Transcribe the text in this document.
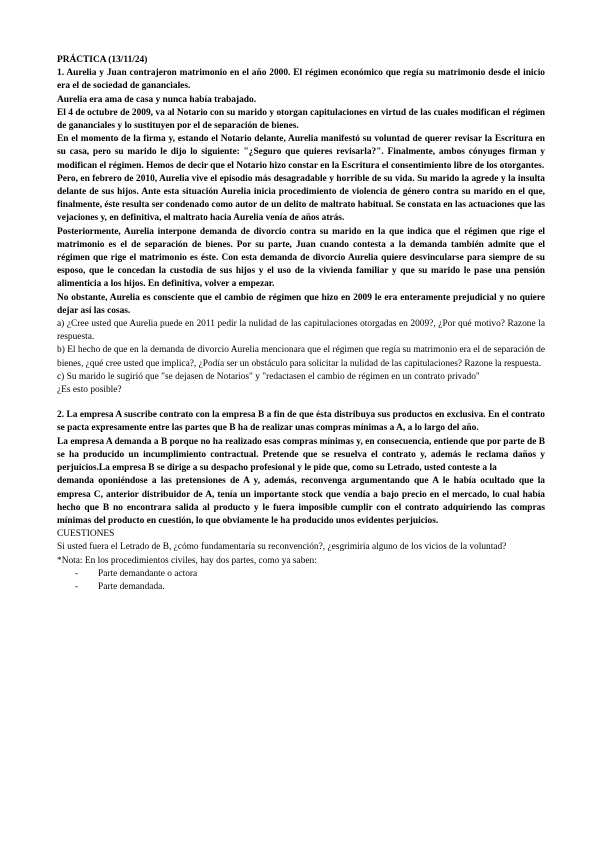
PRÁCTICA (13/11/24)

1. Aurelia y Juan contrajeron matrimonio en el año 2000. El régimen económico que regía su matrimonio desde el inicio era el de sociedad de gananciales.

Aurelia era ama de casa y nunca había trabajado.

El 4 de octubre de 2009, va al Notario con su marido y otorgan capitulaciones en virtud de las cuales modifican el régimen de gananciales y lo sustituyen por el de separación de bienes.

En el momento de la firma y, estando el Notario delante, Aurelia manifestó su voluntad de querer revisar la Escritura en su casa, pero su marido le dijo lo siguiente: "¿Seguro que quieres revisarla?". Finalmente, ambos cónyuges firman y modifican el régimen. Hemos de decir que el Notario hizo constar en la Escritura el consentimiento libre de los otorgantes.

Pero, en febrero de 2010, Aurelia vive el episodio más desagradable y horrible de su vida. Su marido la agrede y la insulta delante de sus hijos. Ante esta situación Aurelia inicia procedimiento de violencia de género contra su marido en el que, finalmente, éste resulta ser condenado como autor de un delito de maltrato habitual. Se constata en las actuaciones que las vejaciones y, en definitiva, el maltrato hacia Aurelia venía de años atrás.

Posteriormente, Aurelia interpone demanda de divorcio contra su marido en la que indica que el régimen que rige el matrimonio es el de separación de bienes. Por su parte, Juan cuando contesta a la demanda también admite que el régimen que rige el matrimonio es éste. Con esta demanda de divorcio Aurelia quiere desvincularse para siempre de su esposo, que le concedan la custodia de sus hijos y el uso de la vivienda familiar y que su marido le pase una pensión alimenticia a los hijos. En definitiva, volver a empezar.

No obstante, Aurelia es consciente que el cambio de régimen que hizo en 2009 le era enteramente prejudicial y no quiere dejar así las cosas.

a) ¿Cree usted que Aurelia puede en 2011 pedir la nulidad de las capitulaciones otorgadas en 2009?, ¿Por qué motivo? Razone la respuesta.

b) El hecho de que en la demanda de divorcio Aurelia mencionara que el régimen que regía su matrimonio era el de separación de bienes, ¿qué cree usted que implica?, ¿Podía ser un obstáculo para solicitar la nulidad de las capitulaciones? Razone la respuesta.

c) Su marido le sugirió que "se dejasen de Notarios" y "redactasen el cambio de régimen en un contrato privado"

¿Es esto posible?

2. La empresa A suscribe contrato con la empresa B a fin de que ésta distribuya sus productos en exclusiva. En el contrato se pacta expresamente entre las partes que B ha de realizar unas compras mínimas a A, a lo largo del año.

La empresa A demanda a B porque no ha realizado esas compras mínimas y, en consecuencia, entiende que por parte de B se ha producido un incumplimiento contractual. Pretende que se resuelva el contrato y, además le reclama daños y perjuicios.La empresa B se dirige a su despacho profesional y le pide que, como su Letrado, usted conteste a la

demanda oponiéndose a las pretensiones de A y, además, reconvenga argumentando que A le había ocultado que la empresa C, anterior distribuidor de A, tenía un importante stock que vendía a bajo precio en el mercado, lo cual había hecho que B no encontrara salida al producto y le fuera imposible cumplir con el contrato adquiriendo las compras mínimas del producto en cuestión, lo que obviamente le ha producido unos evidentes perjuicios.

CUESTIONES

Si usted fuera el Letrado de B, ¿cómo fundamentaría su reconvención?, ¿esgrimiría alguno de los vicios de la voluntad?

*Nota: En los procedimientos civiles, hay dos partes, como ya saben:

- Parte demandante o actora
- Parte demandada.
